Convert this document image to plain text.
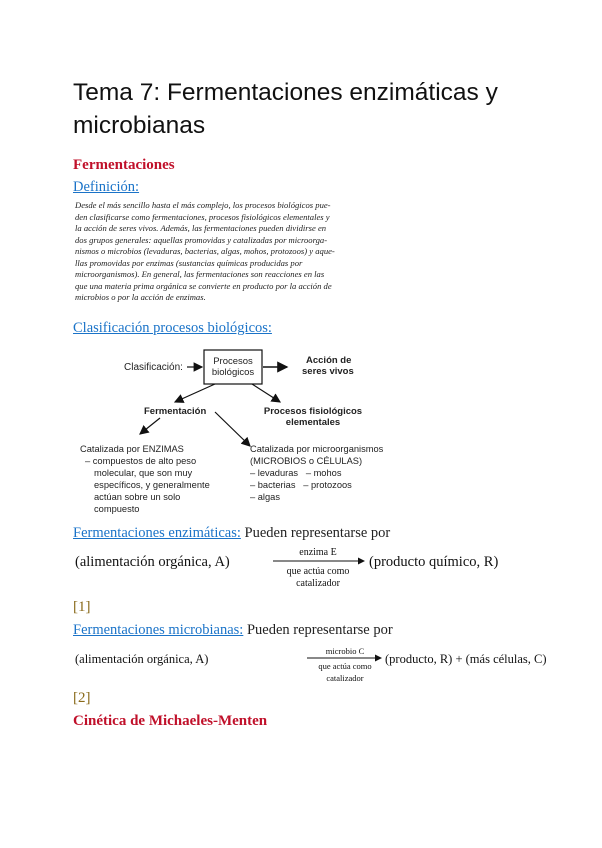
Tema 7: Fermentaciones enzimáticas y microbianas
Fermentaciones
Definición:

Desde el más sencillo hasta el más complejo, los procesos biológicos pue-

den clasificarse como fermentaciones, procesos fisiológicos elementales y

la acción de seres vivos. Además, las fermentaciones pueden dividirse en

dos grupos generales: aquellas promovidas y catalizadas por microorga-

nismos o microbios (levaduras, bacterias, algas, mohos, protozoos) y aque-

llas promovidas por enzimas (sustancias químicas producidas por

microorganismos). En general, las fermentaciones son reacciones en las

que una materia prima orgánica se convierte en producto por la acción de

microbios o por la acción de enzimas.

Clasificación procesos biológicos:
Clasificación:
Procesos
biológicos
Acción de
seres vivos
Fermentación	Procesos fisiológicos
elementales
Catalizada por ENZIMAS
– compuestos de alto peso
molecular, que son muy
específicos, y generalmente
actúan sobre un solo
compuesto
Catalizada por microorganismos
(MICROBIOS o CÉLULAS)
– levaduras   – mohos
– bacterias   – protozoos
– algas
Fermentaciones enzimáticas: Pueden representarse por
(alimentación orgánica, A)
enzima E
que actúa como
catalizador
(producto químico, R)
[1]
Fermentaciones microbianas: Pueden representarse por
(alimentación orgánica, A)
microbio C
que actúa como
catalizador
(producto, R) + (más células, C)
[2]
Cinética de Michaeles-Menten
